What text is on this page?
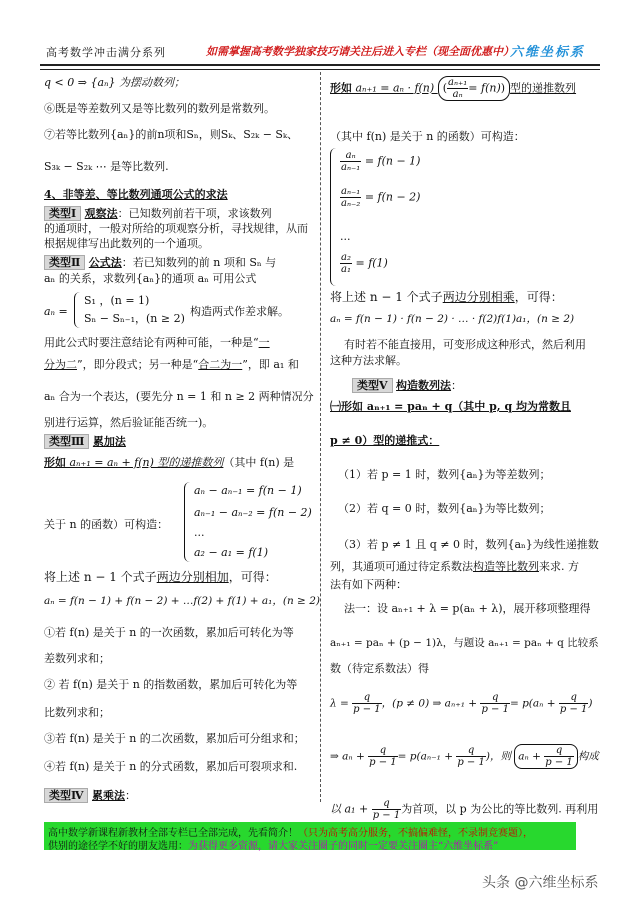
高考数学冲击满分系列	如需掌握高考数学独家技巧请关注后进入专栏（现全面优惠中）
六维坐标系
q < 0 ⇒ {aₙ} 为摆动数列；
⑥既是等差数列又是等比数列的数列是常数列。
⑦若等比数列{aₙ}的前n项和Sₙ，则Sₖ、S₂ₖ − Sₖ、
S₃ₖ − S₂ₖ ⋯ 是等比数列.
4、非等差、等比数列通项公式的求法
类型Ⅰ 观察法：已知数列前若干项，求该数列
的通项时，一般对所给的项观察分析，寻找规律，从而
根据规律写出此数列的一个通项。
类型Ⅱ 公式法：若已知数列的前 n 项和 Sₙ 与
aₙ 的关系，求数列{aₙ}的通项 aₙ 可用公式
aₙ =
S₁ ，(n = 1)
Sₙ − Sₙ₋₁，(n ≥ 2)
构造两式作差求解。
用此公式时要注意结论有两种可能，一种是“一
分为二”，即分段式；另一种是“合二为一”，即 a₁ 和
aₙ 合为一个表达，(要先分 n = 1 和 n ≥ 2 两种情况分
别进行运算，然后验证能否统一)。
类型Ⅲ 累加法
形如 aₙ₊₁ = aₙ + f(n) 型的递推数列（其中 f(n) 是
关于 n 的函数）可构造：
aₙ − aₙ₋₁ = f(n − 1)
aₙ₋₁ − aₙ₋₂ = f(n − 2)
...
a₂ − a₁ = f(1)
将上述 n − 1 个式子两边分别相加，可得：
aₙ = f(n − 1) + f(n − 2) + …f(2) + f(1) + a₁，(n ≥ 2)
①若 f(n) 是关于 n 的一次函数，累加后可转化为等
差数列求和；
② 若 f(n) 是关于 n 的指数函数，累加后可转化为等
比数列求和；
③若 f(n) 是关于 n 的二次函数，累加后可分组求和；
④若 f(n) 是关于 n 的分式函数，累加后可裂项求和.
类型Ⅳ 累乘法：
形如 aₙ₊₁ = aₙ · f(n) ( $\frac{\text{aₙ₊₁}}{\text{aₙ}} = f(n)$) 型的递推数列
（其中 f(n) 是关于 n 的函数）可构造：
$\frac{\text{aₙ}}{\text{aₙ₋₁}} = f(n - 1)$
$\frac{\text{aₙ₋₁}}{\text{aₙ₋₂}} = f(n - 2)$
...
$\frac{\text{a₂}}{\text{a₁}} = f(1)$
将上述 n − 1 个式子两边分别相乘，可得：
aₙ = f(n − 1) · f(n − 2) · … · f(2)f(1)a₁，(n ≥ 2)
有时若不能直接用，可变形成这种形式，然后利用
这种方法求解。
类型Ⅴ 构造数列法：
㈠形如 aₙ₊₁ = paₙ + q（其中 p, q 均为常数且
p ≠ 0）型的递推式：
（1）若 p = 1 时，数列{aₙ}为等差数列；
（2）若 q = 0 时，数列{aₙ}为等比数列；
（3）若 p ≠ 1 且 q ≠ 0 时，数列{aₙ}为线性递推数
列，其通项可通过待定系数法构造等比数列来求. 方
法有如下两种：
法一：设 aₙ₊₁ + λ = p(aₙ + λ)，展开移项整理得
aₙ₊₁ = paₙ + (p − 1)λ，与题设 aₙ₊₁ = paₙ + q 比较系
数（待定系数法）得
$\lambda = \frac{q}{p - 1}$ ，(p ≠ 0) ⇒ $a_{n+1} + \frac{q}{p - 1} = p(a_n + \frac{q}{p - 1}$ )
⇒ $a_n + \frac{q}{p - 1} = p(a_{n-1} + \frac{q}{p - 1}$ )，则 $a_n + \frac{q}{p - 1}$ 构成
以 $a_1 + \frac{q}{p - 1}$ 为首项，以 p 为公比的等比数列. 再利用
高中数学新课程新教材全部专栏已全部完成，先看简介！（只为高考高分服务，不搞偏难怪，不录制竞赛题），
供别的途径学不好的朋友选用：为获得更多资源，请大家关注圈子的同时一定要关注圈主“六维坐标系”
头条 @六维坐标系
